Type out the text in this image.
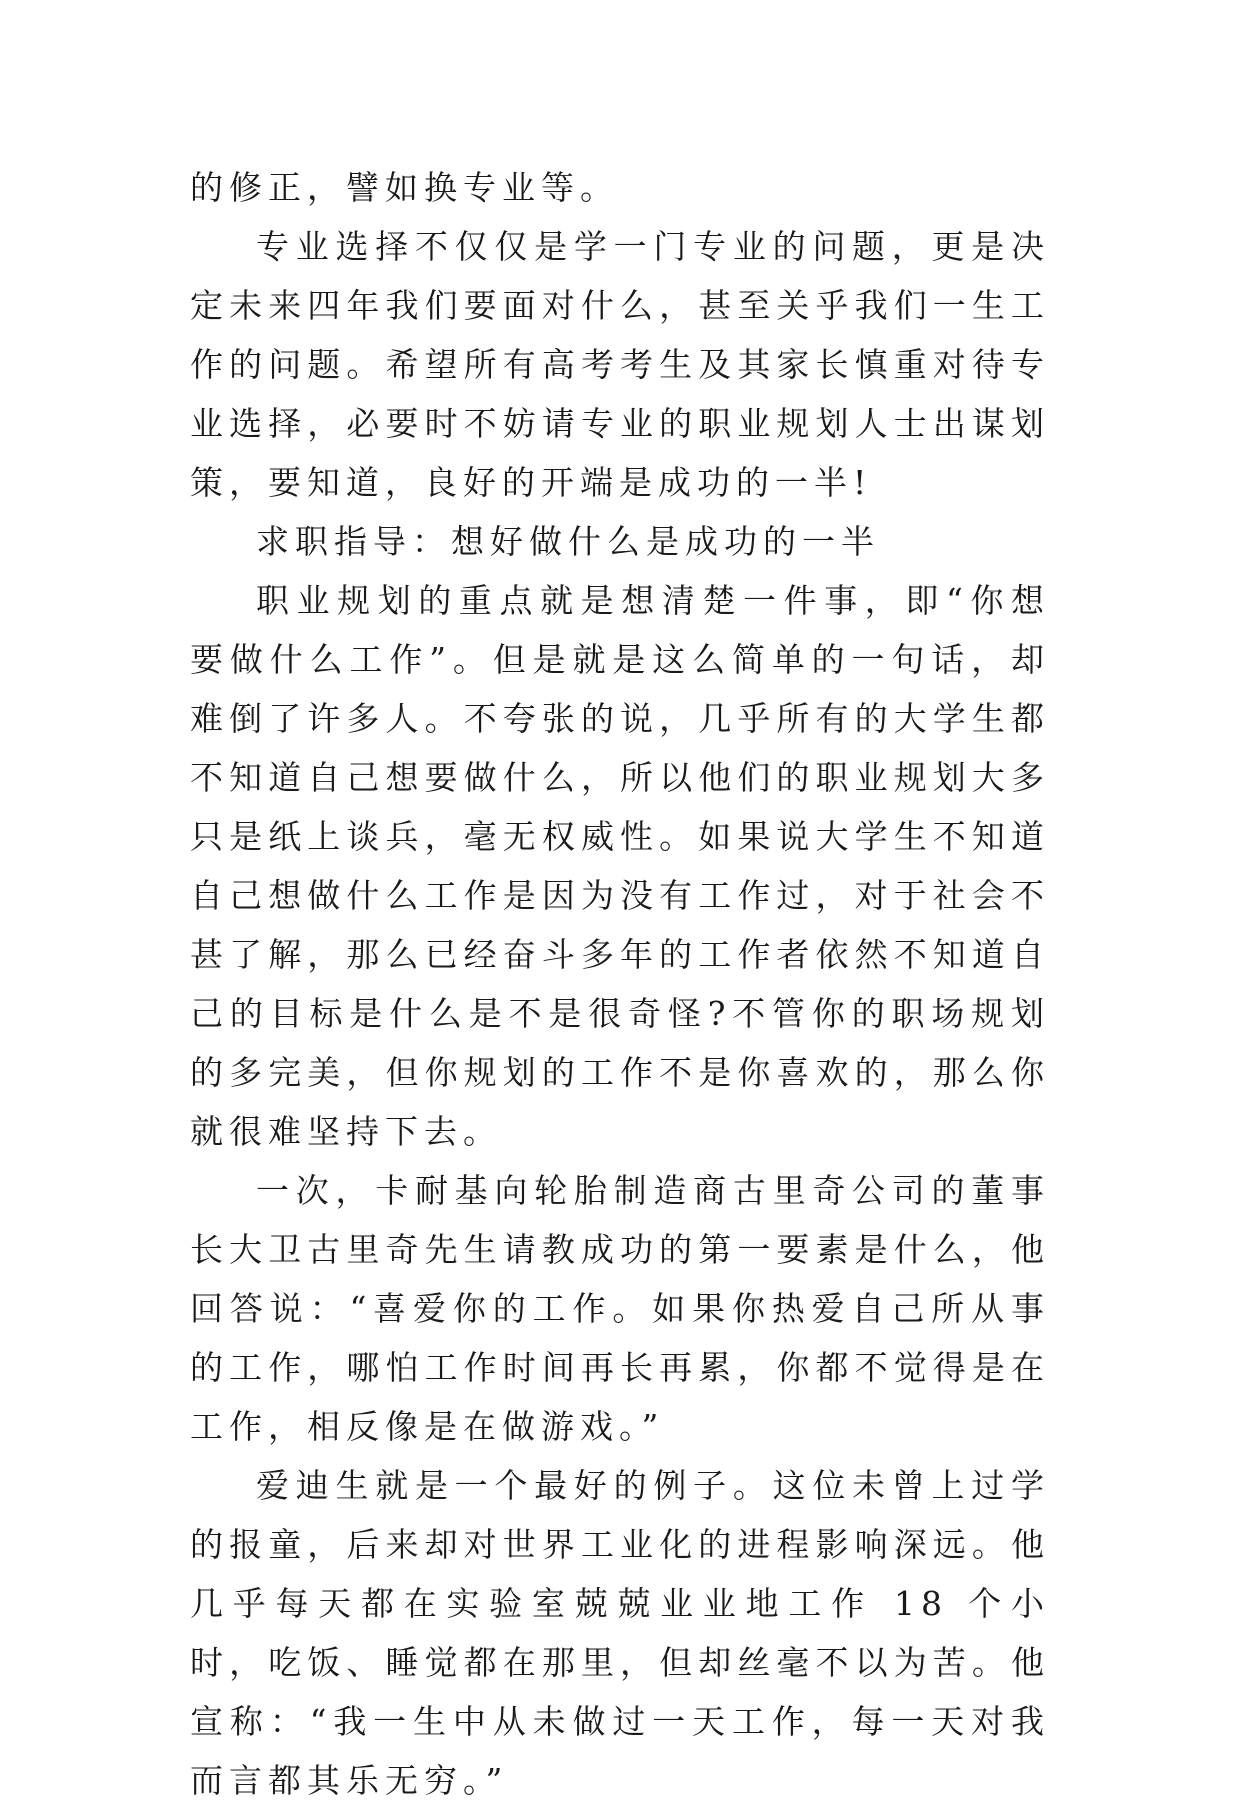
的修正，譬如换专业等。

专业选择不仅仅是学一门专业的问题，更是决定未来四年我们要面对什么，甚至关乎我们一生工作的问题。希望所有高考考生及其家长慎重对待专业选择，必要时不妨请专业的职业规划人士出谋划策，要知道，良好的开端是成功的一半!

求职指导：想好做什么是成功的一半

职业规划的重点就是想清楚一件事，即“你想要做什么工作”。但是就是这么简单的一句话，却难倒了许多人。不夸张的说，几乎所有的大学生都不知道自己想要做什么，所以他们的职业规划大多只是纸上谈兵，毫无权威性。如果说大学生不知道自己想做什么工作是因为没有工作过，对于社会不甚了解，那么已经奋斗多年的工作者依然不知道自己的目标是什么是不是很奇怪?不管你的职场规划的多完美，但你规划的工作不是你喜欢的，那么你就很难坚持下去。

一次，卡耐基向轮胎制造商古里奇公司的董事长大卫古里奇先生请教成功的第一要素是什么，他回答说：“喜爱你的工作。如果你热爱自己所从事的工作，哪怕工作时间再长再累，你都不觉得是在工作，相反像是在做游戏。”

爱迪生就是一个最好的例子。这位未曾上过学的报童，后来却对世界工业化的进程影响深远。他几乎每天都在实验室兢兢业业地工作 18 个小时，吃饭、睡觉都在那里，但却丝毫不以为苦。他宣称：“我一生中从未做过一天工作，每一天对我而言都其乐无穷。”
